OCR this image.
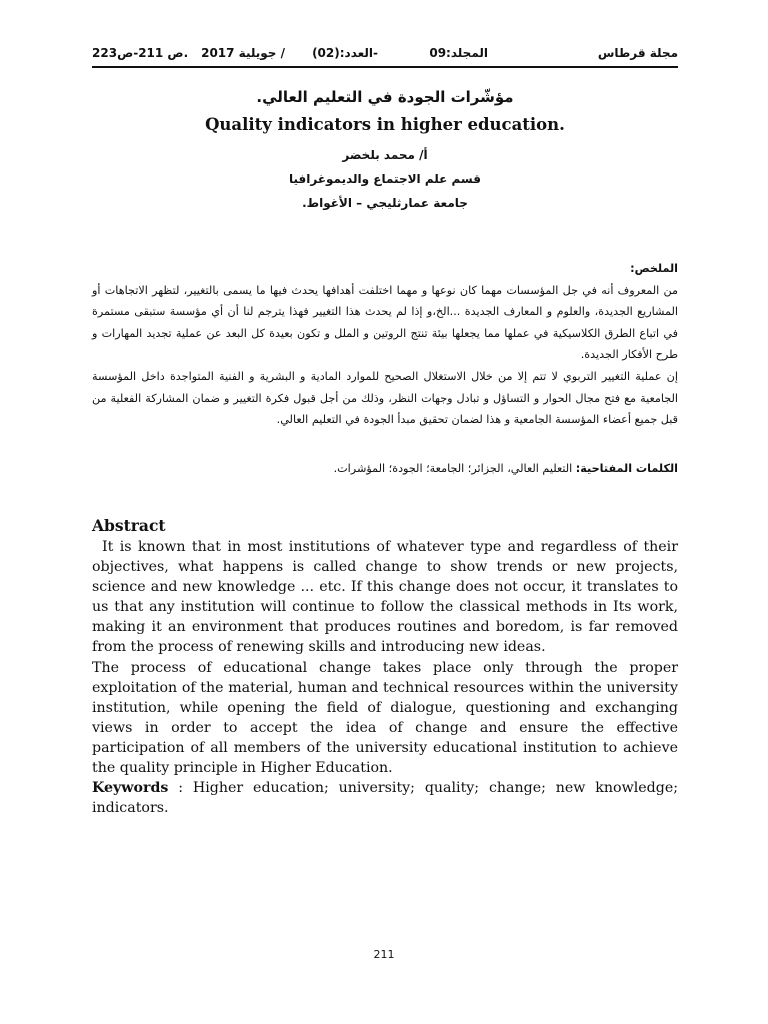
مجلة قرطاس
المجلد:09
العدد:(02)-
جويلية 2017 /
ص 211-ص223.
مؤشّرات الجودة في التعليم العالي.
Quality indicators in higher education.
أ/ محمد بلخضر
قسم علم الاجتماع والديموغرافيا
جامعة عمارثليجي – الأغواط.

الملخص:

من المعروف أنه في جل المؤسسات مهما كان نوعها و مهما اختلفت أهدافها يحدث فيها ما يسمى بالتغيير، لتظهر الاتجاهات أو المشاريع الجديدة، والعلوم و المعارف الجديدة ...الخ،و إذا لم يحدث هذا التغيير فهذا يترجم لنا أن أي مؤسسة ستبقى مستمرة في اتباع الطرق الكلاسيكية في عملها مما يجعلها بيئة تنتج الروتين و الملل و تكون بعيدة كل البعد عن عملية تجديد المهارات و طرح الأفكار الجديدة.

إن عملية التغيير التربوي لا تتم إلا من خلال الاستغلال الصحيح للموارد المادية و البشرية و الفنية المتواجدة داخل المؤسسة الجامعية مع فتح مجال الحوار و التساؤل و تبادل وجهات النظر، وذلك من أجل قبول فكرة التغيير و ضمان المشاركة الفعلية من قبل جميع أعضاء المؤسسة الجامعية و هذا لضمان تحقيق مبدأ الجودة في التعليم العالي.

الكلمات المفتاحية: التعليم العالي، الجزائر؛ الجامعة؛ الجودة؛ المؤشرات.
Abstract

It is known that in most institutions of whatever type and regardless of their objectives, what happens is called change to show trends or new projects, science and new knowledge ... etc. If this change does not occur, it translates to us that any institution will continue to follow the classical methods in Its work, making it an environment that produces routines and boredom, is far removed from the process of renewing skills and introducing new ideas.

The process of educational change takes place only through the proper exploitation of the material, human and technical resources within the university institution, while opening the field of dialogue, questioning and exchanging views in order to accept the idea of change and ensure the effective participation of all members of the university educational institution to achieve the quality principle in Higher Education.

Keywords : Higher education; university; quality; change; new knowledge; indicators.

211
